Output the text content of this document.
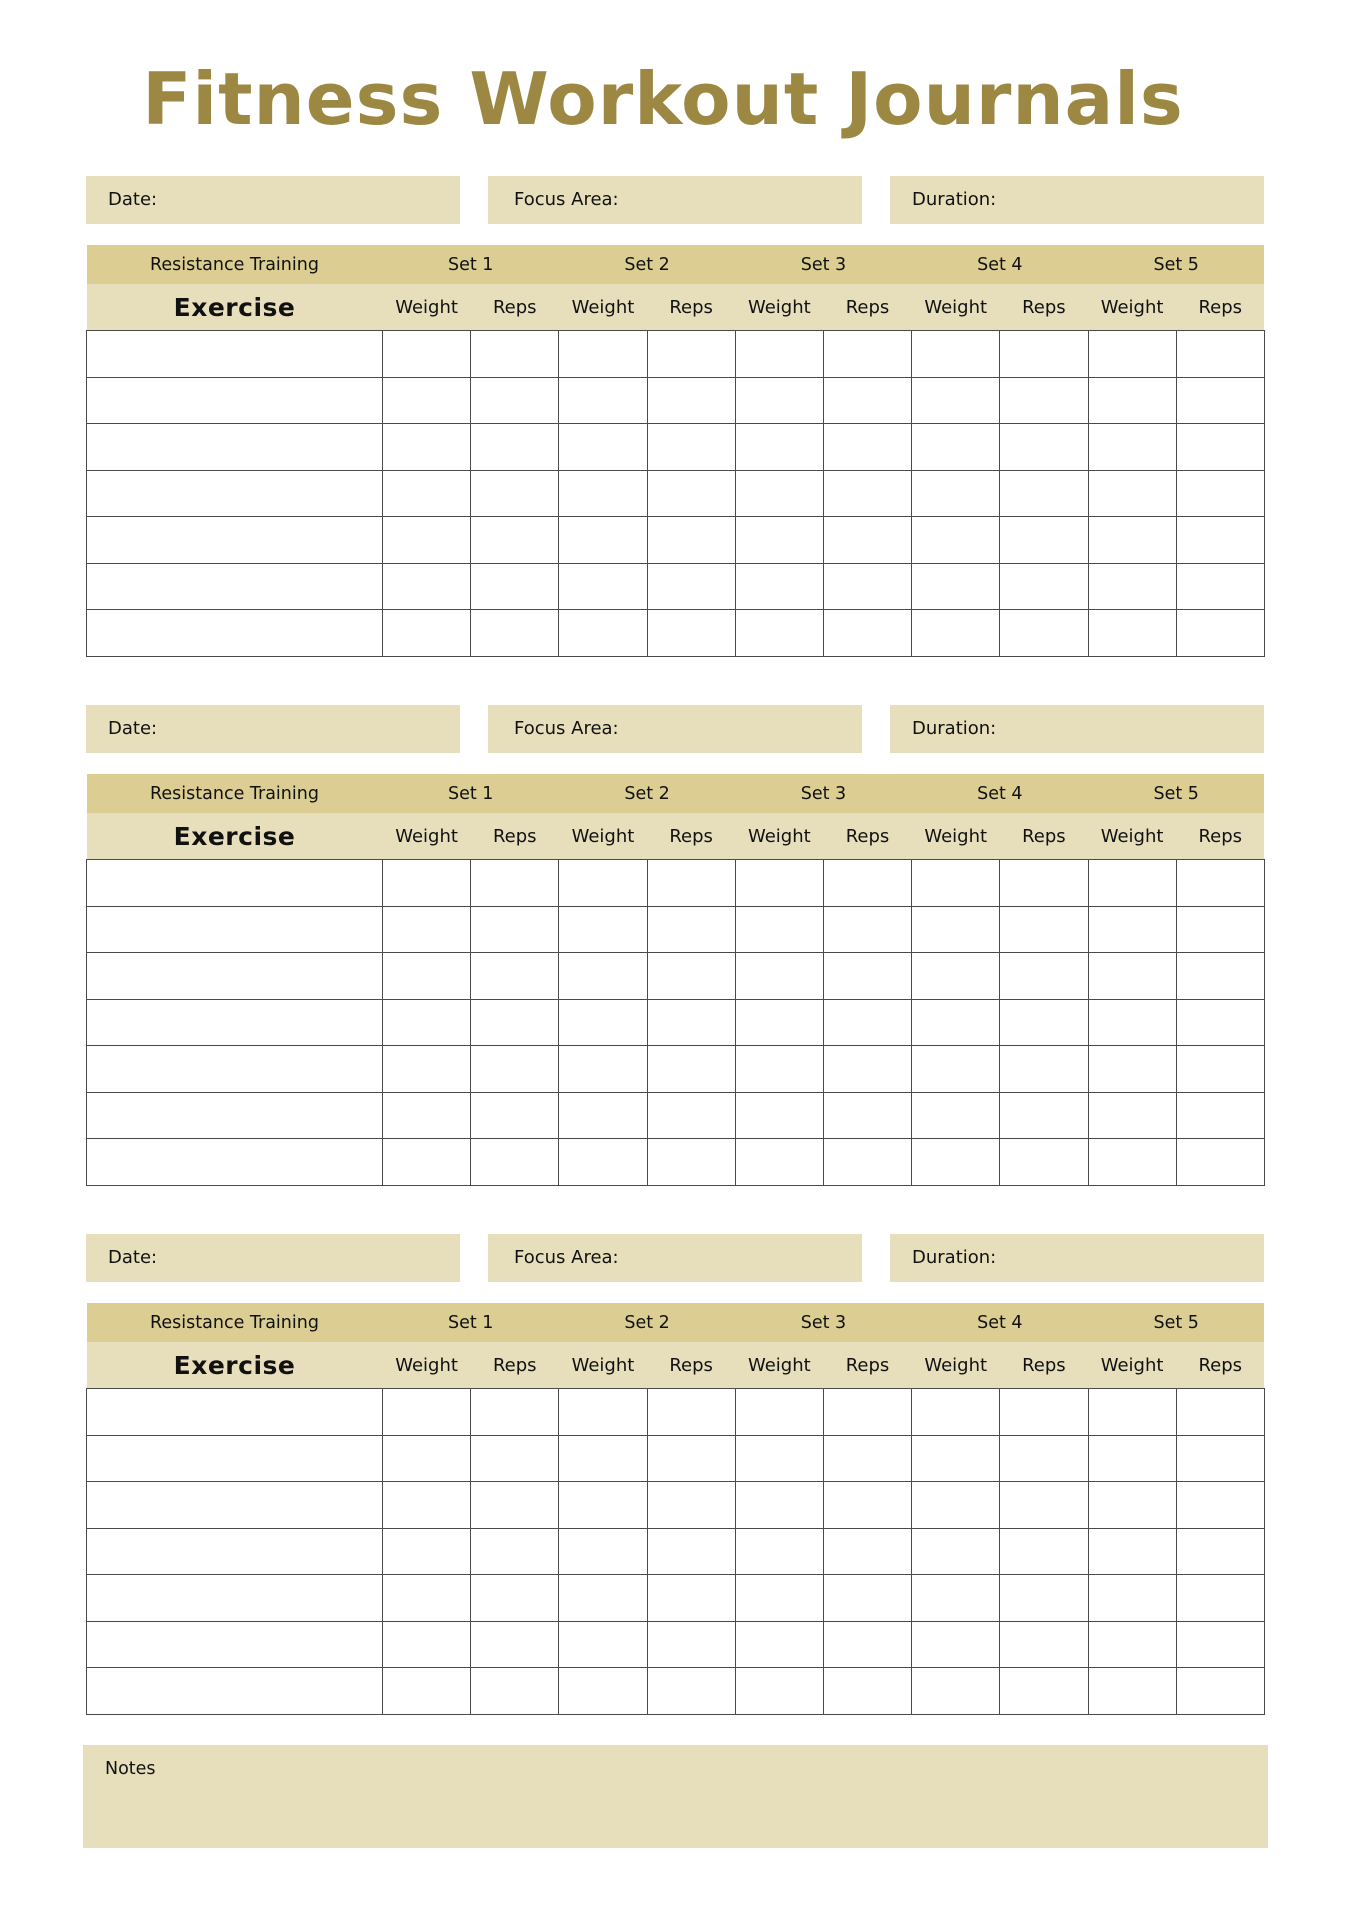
Fitness Workout Journals
Date:	Focus Area:	Duration:
Resistance Training	Set 1		Set 2		Set 3		Set 4		Set 5	
Exercise	Weight	Reps	Weight	Reps	Weight	Reps	Weight	Reps	Weight	Reps

Date:	Focus Area:	Duration:
Resistance Training	Set 1		Set 2		Set 3		Set 4		Set 5	
Exercise	Weight	Reps	Weight	Reps	Weight	Reps	Weight	Reps	Weight	Reps

Date:	Focus Area:	Duration:
Resistance Training	Set 1		Set 2		Set 3		Set 4		Set 5	
Exercise	Weight	Reps	Weight	Reps	Weight	Reps	Weight	Reps	Weight	Reps

Notes
